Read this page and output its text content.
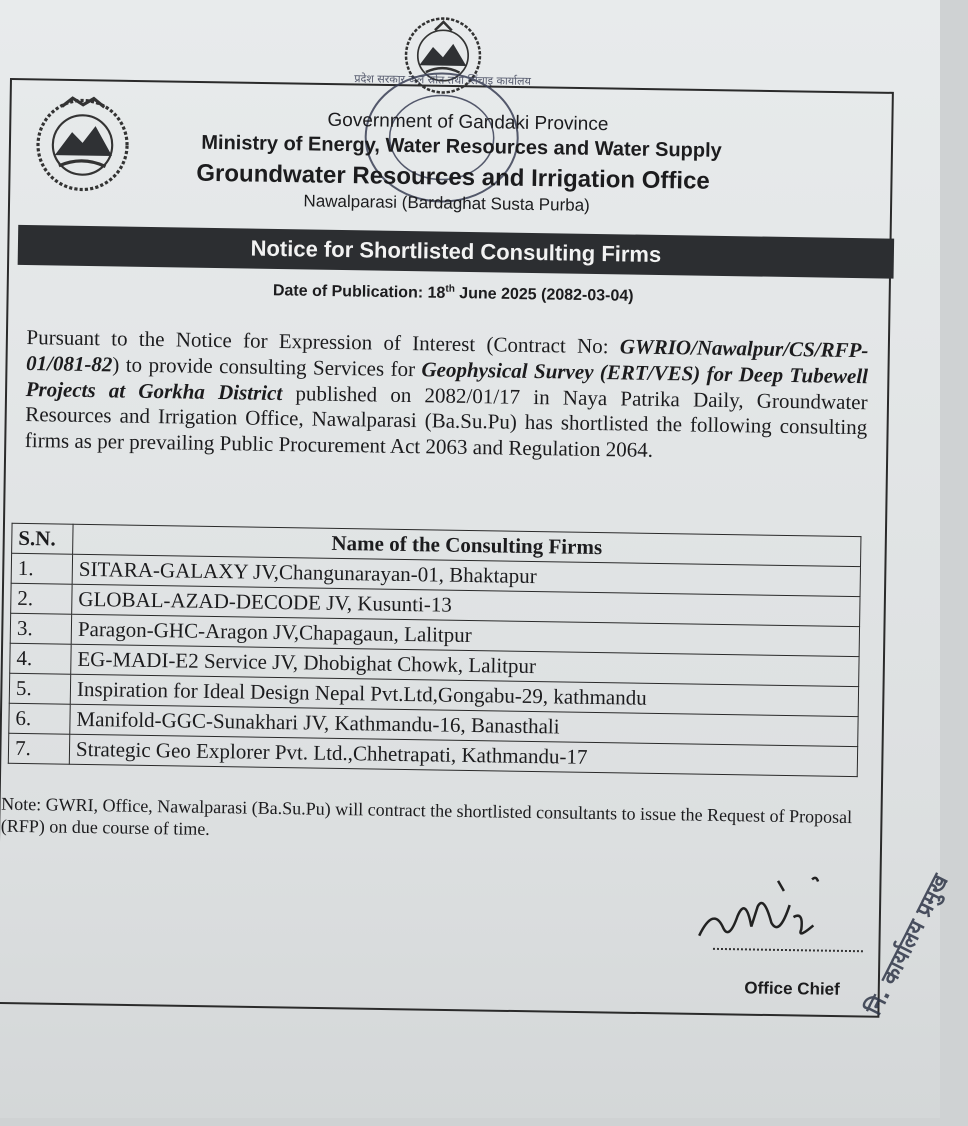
प्रदेश सरकार जल स्रोत तथा सिंचाइ कार्यालय
Government of Gandaki Province
Ministry of Energy, Water Resources and Water Supply
Groundwater Resources and Irrigation Office
Nawalparasi (Bardaghat Susta Purba)
Notice for Shortlisted Consulting Firms
Date of Publication: 18th June 2025 (2082-03-04)
Pursuant to the Notice for Expression of Interest (Contract No: GWRIO/Nawalpur/CS/RFP-01/081-82) to provide consulting Services for Geophysical Survey (ERT/VES) for Deep Tubewell Projects at Gorkha District published on 2082/01/17 in Naya Patrika Daily, Groundwater Resources and Irrigation Office, Nawalparasi (Ba.Su.Pu) has shortlisted the following consulting firms as per prevailing Public Procurement Act 2063 and Regulation 2064.
S.N.	Name of the Consulting Firms
1.	SITARA-GALAXY JV,Changunarayan-01, Bhaktapur
2.	GLOBAL-AZAD-DECODE JV, Kusunti-13
3.	Paragon-GHC-Aragon JV,Chapagaun, Lalitpur
4.	EG-MADI-E2 Service JV, Dhobighat Chowk, Lalitpur
5.	Inspiration for Ideal Design Nepal Pvt.Ltd,Gongabu-29, kathmandu
6.	Manifold-GGC-Sunakhari JV, Kathmandu-16, Banasthali
7.	Strategic Geo Explorer Pvt. Ltd.,Chhetrapati, Kathmandu-17
Note: GWRI, Office, Nawalparasi (Ba.Su.Pu) will contract the shortlisted consultants to issue the Request of Proposal (RFP) on due course of time.
Office Chief नि. कार्यालय प्रमुख
